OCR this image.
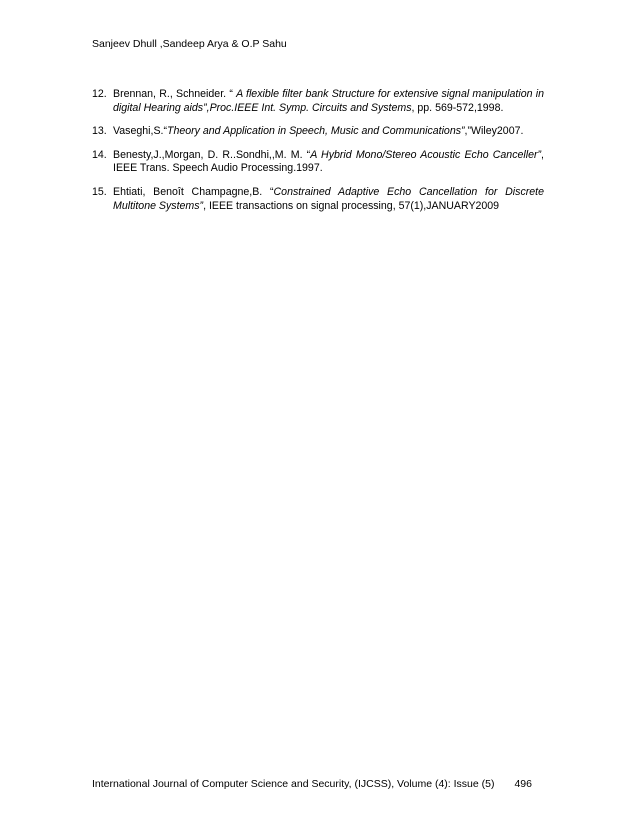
Sanjeev Dhull ,Sandeep Arya & O.P Sahu
12. Brennan, R., Schneider. “ A flexible filter bank Structure for extensive signal manipulation in
digital Hearing aids”,Proc.IEEE Int. Symp. Circuits and Systems, pp. 569-572,1998.
13. Vaseghi,S.“Theory and Application in Speech, Music and Communications”,”Wiley2007.
14. Benesty,J.,Morgan, D. R..Sondhi,,M. M. “A Hybrid Mono/Stereo Acoustic Echo Canceller”,
IEEE Trans. Speech Audio Processing.1997.
15. Ehtiati, Benoît Champagne,B. “Constrained Adaptive Echo Cancellation for Discrete
Multitone Systems”, IEEE transactions on signal processing, 57(1),JANUARY2009
International Journal of Computer Science and Security, (IJCSS), Volume (4): Issue (5) 496
